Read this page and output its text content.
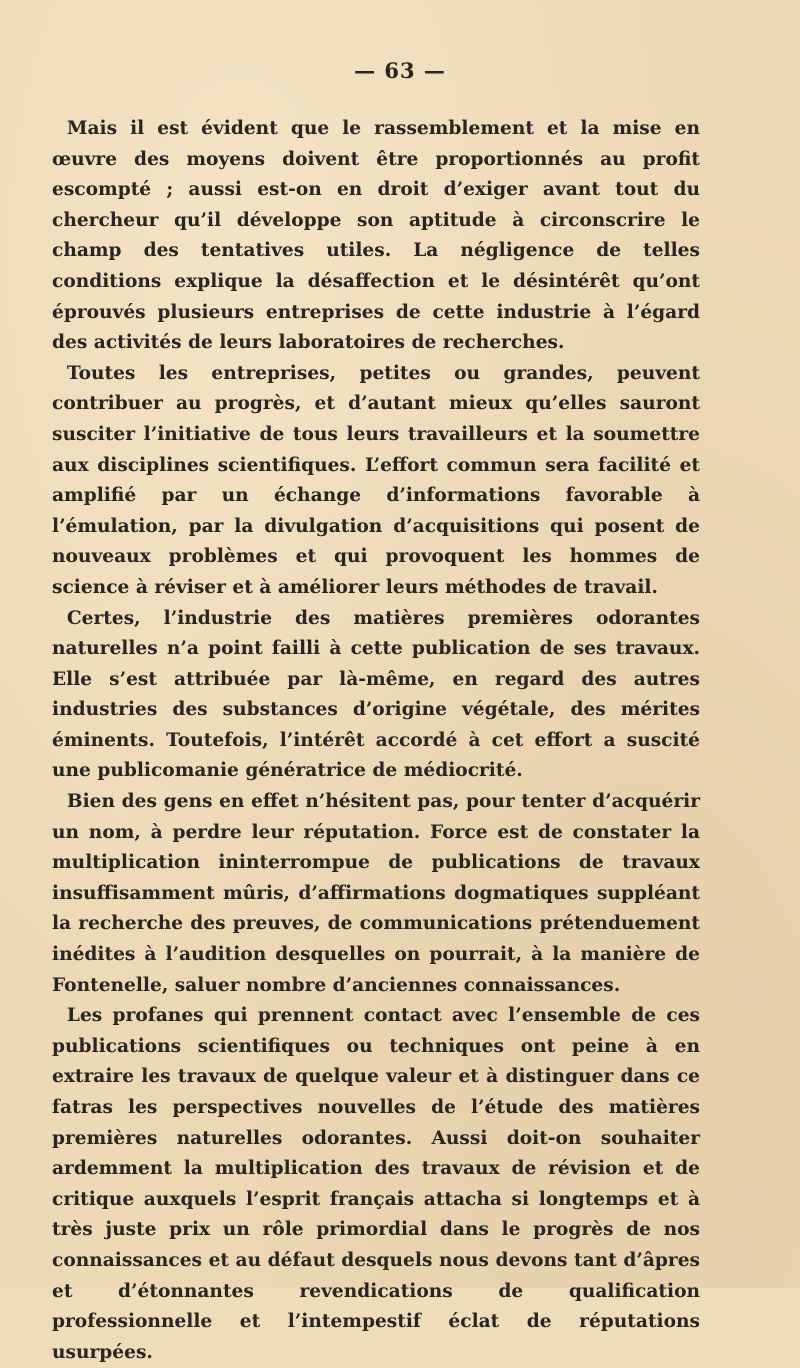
— 63 —

Mais il est évident que le rassemblement et la mise en œuvre des moyens doivent être proportionnés au profit escompté ; aussi est-on en droit d’exiger avant tout du chercheur qu’il développe son aptitude à circonscrire le champ des tentatives utiles. La négligence de telles conditions explique la désaffection et le désintérêt qu’ont éprouvés plusieurs entreprises de cette industrie à l’égard des activités de leurs laboratoires de recherches.

Toutes les entreprises, petites ou grandes, peuvent contribuer au progrès, et d’autant mieux qu’elles sauront susciter l’initiative de tous leurs travailleurs et la soumettre aux disciplines scientifiques. L’effort commun sera facilité et amplifié par un échange d’informations favorable à l’émulation, par la divulgation d’acquisitions qui posent de nouveaux problèmes et qui provoquent les hommes de science à réviser et à améliorer leurs méthodes de travail.

Certes, l’industrie des matières premières odorantes naturelles n’a point failli à cette publication de ses travaux. Elle s’est attribuée par là-même, en regard des autres industries des substances d’origine végétale, des mérites éminents. Toutefois, l’intérêt accordé à cet effort a suscité une publicomanie génératrice de médiocrité.

Bien des gens en effet n’hésitent pas, pour tenter d’acquérir un nom, à perdre leur réputation. Force est de constater la multiplication ininterrompue de publications de travaux insuffisamment mûris, d’affirmations dogmatiques suppléant la recherche des preuves, de communications prétenduement inédites à l’audition desquelles on pourrait, à la manière de Fontenelle, saluer nombre d’anciennes connaissances.

Les profanes qui prennent contact avec l’ensemble de ces publications scientifiques ou techniques ont peine à en extraire les travaux de quelque valeur et à distinguer dans ce fatras les perspectives nouvelles de l’étude des matières premières naturelles odorantes. Aussi doit-on souhaiter ardemment la multiplication des travaux de révision et de critique auxquels l’esprit français attacha si longtemps et à très juste prix un rôle primordial dans le progrès de nos connaissances et au défaut desquels nous devons tant d’âpres et d’étonnantes revendications de qualification professionnelle et l’intempestif éclat de réputations usurpées.
